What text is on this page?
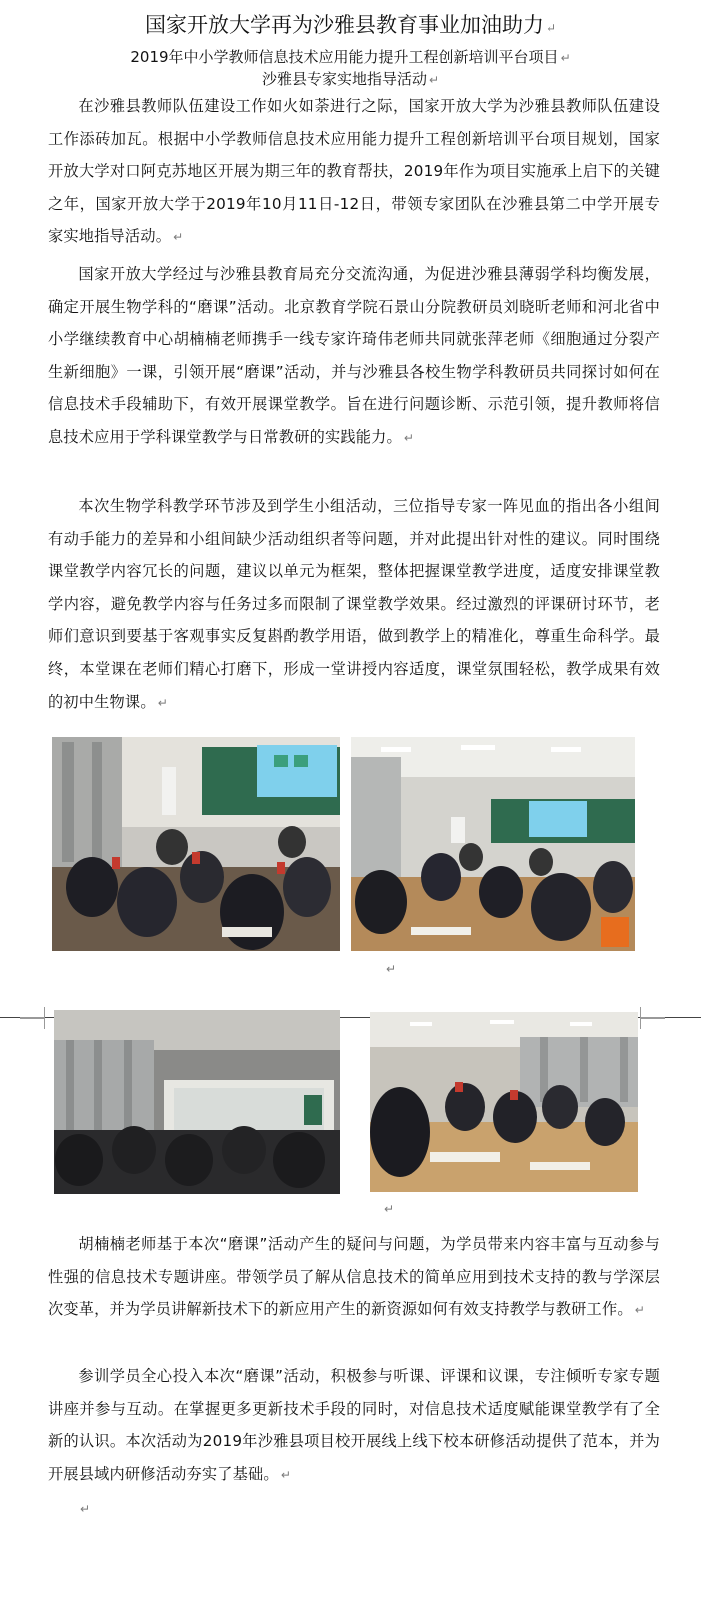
国家开放大学再为沙雅县教育事业加油助力 ↵
2019年中小学教师信息技术应用能力提升工程创新培训平台项目 ↵
沙雅县专家实地指导活动 ↵

在沙雅县教师队伍建设工作如火如荼进行之际，国家开放大学为沙雅县教师队伍建设工作添砖加瓦。根据中小学教师信息技术应用能力提升工程创新培训平台项目规划，国家开放大学对口阿克苏地区开展为期三年的教育帮扶，2019年作为项目实施承上启下的关键之年，国家开放大学于2019年10月11日-12日，带领专家团队在沙雅县第二中学开展专家实地指导活动。 ↵

国家开放大学经过与沙雅县教育局充分交流沟通，为促进沙雅县薄弱学科均衡发展，确定开展生物学科的“磨课”活动。北京教育学院石景山分院教研员刘晓昕老师和河北省中小学继续教育中心胡楠楠老师携手一线专家许琦伟老师共同就张萍老师《细胞通过分裂产生新细胞》一课，引领开展“磨课”活动，并与沙雅县各校生物学科教研员共同探讨如何在信息技术手段辅助下，有效开展课堂教学。旨在进行问题诊断、示范引领，提升教师将信息技术应用于学科课堂教学与日常教研的实践能力。 ↵

本次生物学科教学环节涉及到学生小组活动，三位指导专家一阵见血的指出各小组间有动手能力的差异和小组间缺少活动组织者等问题，并对此提出针对性的建议。同时围绕课堂教学内容冗长的问题，建议以单元为框架，整体把握课堂教学进度，适度安排课堂教学内容，避免教学内容与任务过多而限制了课堂教学效果。经过激烈的评课研讨环节，老师们意识到要基于客观事实反复斟酌教学用语，做到教学上的精准化，尊重生命科学。最终，本堂课在老师们精心打磨下，形成一堂讲授内容适度，课堂氛围轻松，教学成果有效的初中生物课。 ↵

↵
↵

胡楠楠老师基于本次“磨课”活动产生的疑问与问题，为学员带来内容丰富与互动参与性强的信息技术专题讲座。带领学员了解从信息技术的简单应用到技术支持的教与学深层次变革，并为学员讲解新技术下的新应用产生的新资源如何有效支持教学与教研工作。 ↵

参训学员全心投入本次“磨课”活动，积极参与听课、评课和议课，专注倾听专家专题讲座并参与互动。在掌握更多更新技术手段的同时，对信息技术适度赋能课堂教学有了全新的认识。本次活动为2019年沙雅县项目校开展线上线下校本研修活动提供了范本，并为开展县域内研修活动夯实了基础。 ↵

↵
